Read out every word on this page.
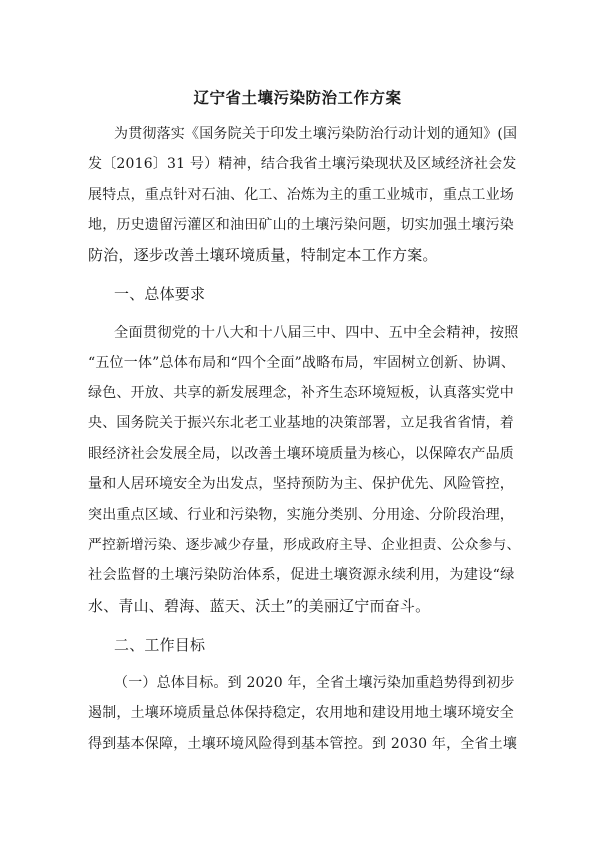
辽宁省土壤污染防治工作方案
为贯彻落实《国务院关于印发土壤污染防治行动计划的通知》(国
发〔2016〕31 号）精神，结合我省土壤污染现状及区域经济社会发
展特点，重点针对石油、化工、冶炼为主的重工业城市，重点工业场
地，历史遗留污灌区和油田矿山的土壤污染问题，切实加强土壤污染
防治，逐步改善土壤环境质量，特制定本工作方案。
一、总体要求
全面贯彻党的十八大和十八届三中、四中、五中全会精神，按照
“五位一体”总体布局和“四个全面”战略布局，牢固树立创新、协调、
绿色、开放、共享的新发展理念，补齐生态环境短板，认真落实党中
央、国务院关于振兴东北老工业基地的决策部署，立足我省省情，着
眼经济社会发展全局，以改善土壤环境质量为核心，以保障农产品质
量和人居环境安全为出发点，坚持预防为主、保护优先、风险管控，
突出重点区域、行业和污染物，实施分类别、分用途、分阶段治理，
严控新增污染、逐步减少存量，形成政府主导、企业担责、公众参与、
社会监督的土壤污染防治体系，促进土壤资源永续利用，为建设“绿
水、青山、碧海、蓝天、沃土”的美丽辽宁而奋斗。
二、工作目标
（一）总体目标。到 2020 年，全省土壤污染加重趋势得到初步
遏制，土壤环境质量总体保持稳定，农用地和建设用地土壤环境安全
得到基本保障，土壤环境风险得到基本管控。到 2030 年，全省土壤
